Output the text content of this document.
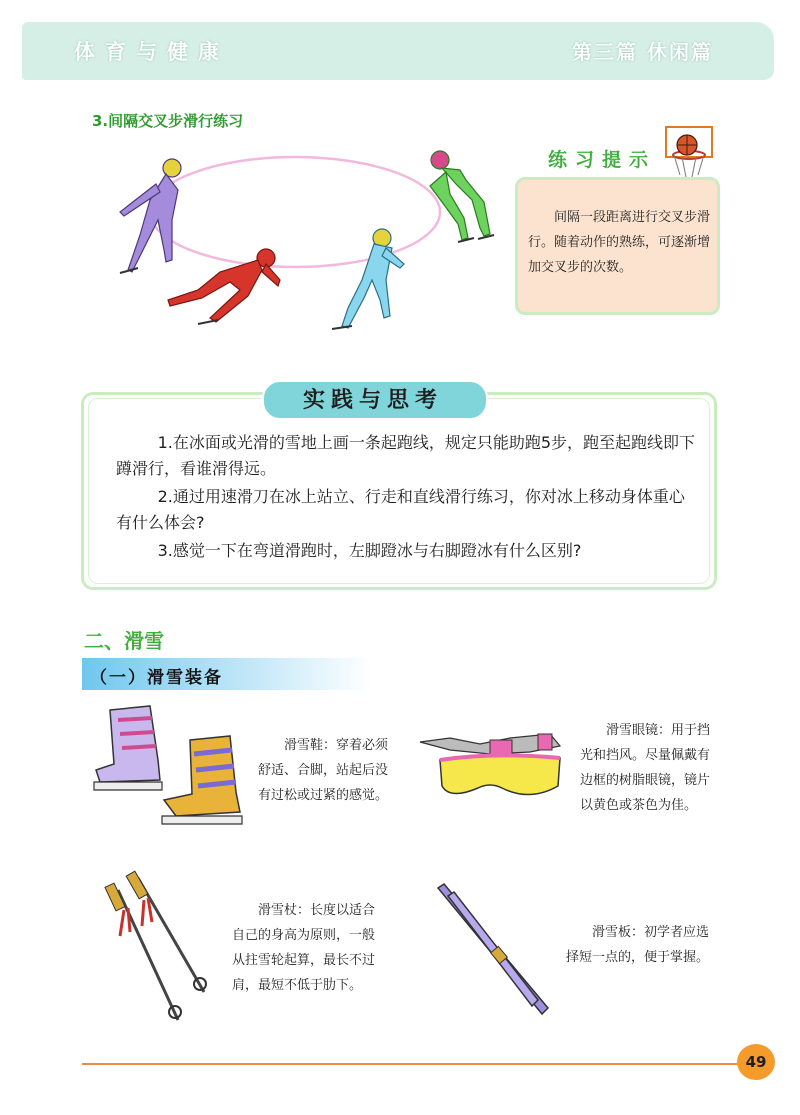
体育与健康	第三篇 休闲篇
3.间隔交叉步滑行练习
练习提示
间隔一段距离进行交叉步滑行。随着动作的熟练，可逐渐增加交叉步的次数。
实践与思考
1.在冰面或光滑的雪地上画一条起跑线，规定只能助跑5步，跑至起跑线即下蹲滑行，看谁滑得远。
2.通过用速滑刀在冰上站立、行走和直线滑行练习，你对冰上移动身体重心有什么体会?
3.感觉一下在弯道滑跑时，左脚蹬冰与右脚蹬冰有什么区别?
二、滑雪
（一）滑雪装备
滑雪鞋：穿着必须舒适、合脚，站起后没有过松或过紧的感觉。
滑雪眼镜：用于挡光和挡风。尽量佩戴有边框的树脂眼镜，镜片以黄色或茶色为佳。
滑雪杖：长度以适合自己的身高为原则，一般从拄雪轮起算，最长不过肩，最短不低于肋下。
滑雪板：初学者应选择短一点的，便于掌握。
49
